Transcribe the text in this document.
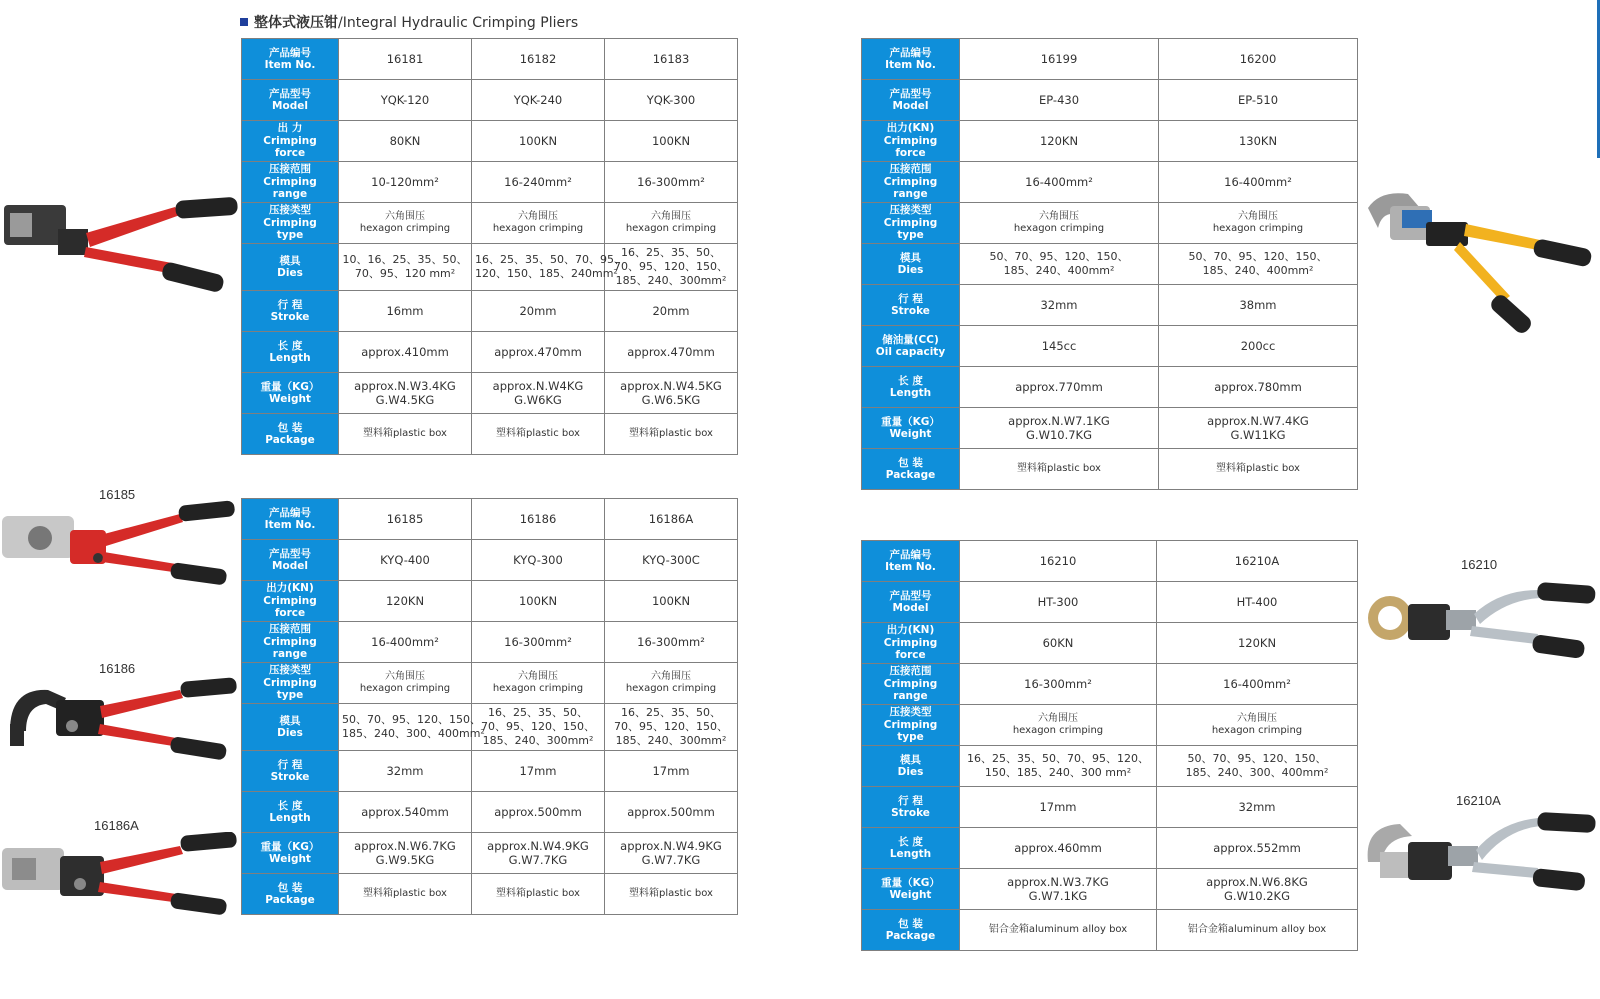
整体式液压钳/Integral Hydraulic Crimping Pliers
产品编号
Item No.	16181	16182	16183

产品型号
Model	YQK-120	YQK-240	YQK-300

出 力
Crimping
force	80KN	100KN	100KN

压接范围
Crimping
range	10-120mm²	16-240mm²	16-300mm²

压接类型
Crimping
type	六角围压
hexagon crimping	六角围压
hexagon crimping	六角围压
hexagon crimping

模具
Dies	10、16、25、35、50、
70、95、120 mm²	16、25、35、50、70、95、
120、150、185、240mm²	16、25、35、50、
70、95、120、150、
185、240、300mm²

行 程
Stroke	16mm	20mm	20mm

长 度
Length	approx.410mm	approx.470mm	approx.470mm

重量（KG）
Weight	approx.N.W3.4KG
G.W4.5KG	approx.N.W4KG
G.W6KG	approx.N.W4.5KG
G.W6.5KG

包 装
Package	塑料箱plastic box	塑料箱plastic box	塑料箱plastic box
产品编号
Item No.	16199	16200

产品型号
Model	EP-430	EP-510

出力(KN)
Crimping
force	120KN	130KN

压接范围
Crimping
range	16-400mm²	16-400mm²

压接类型
Crimping
type	六角围压
hexagon crimping	六角围压
hexagon crimping

模具
Dies	50、70、95、120、150、
185、240、400mm²	50、70、95、120、150、
185、240、400mm²

行 程
Stroke	32mm	38mm

储油量(CC)
Oil capacity	145cc	200cc

长 度
Length	approx.770mm	approx.780mm

重量（KG）
Weight	approx.N.W7.1KG
G.W10.7KG	approx.N.W7.4KG
G.W11KG

包 装
Package	塑料箱plastic box	塑料箱plastic box
产品编号
Item No.	16185	16186	16186A

产品型号
Model	KYQ-400	KYQ-300	KYQ-300C

出力(KN)
Crimping
force	120KN	100KN	100KN

压接范围
Crimping
range	16-400mm²	16-300mm²	16-300mm²

压接类型
Crimping
type	六角围压
hexagon crimping	六角围压
hexagon crimping	六角围压
hexagon crimping

模具
Dies	50、70、95、120、150、
185、240、300、400mm²	16、25、35、50、
70、95、120、150、
185、240、300mm²	16、25、35、50、
70、95、120、150、
185、240、300mm²

行 程
Stroke	32mm	17mm	17mm

长 度
Length	approx.540mm	approx.500mm	approx.500mm

重量（KG）
Weight	approx.N.W6.7KG
G.W9.5KG	approx.N.W4.9KG
G.W7.7KG	approx.N.W4.9KG
G.W7.7KG

包 装
Package	塑料箱plastic box	塑料箱plastic box	塑料箱plastic box
产品编号
Item No.	16210	16210A

产品型号
Model	HT-300	HT-400

出力(KN)
Crimping
force	60KN	120KN

压接范围
Crimping
range	16-300mm²	16-400mm²

压接类型
Crimping
type	六角围压
hexagon crimping	六角围压
hexagon crimping

模具
Dies	16、25、35、50、70、95、120、
150、185、240、300 mm²	50、70、95、120、150、
185、240、300、400mm²

行 程
Stroke	17mm	32mm

长 度
Length	approx.460mm	approx.552mm

重量（KG）
Weight	approx.N.W3.7KG
G.W7.1KG	approx.N.W6.8KG
G.W10.2KG

包 装
Package	铝合金箱aluminum alloy box	铝合金箱aluminum alloy box
16185
16186
16186A
16210
16210A
